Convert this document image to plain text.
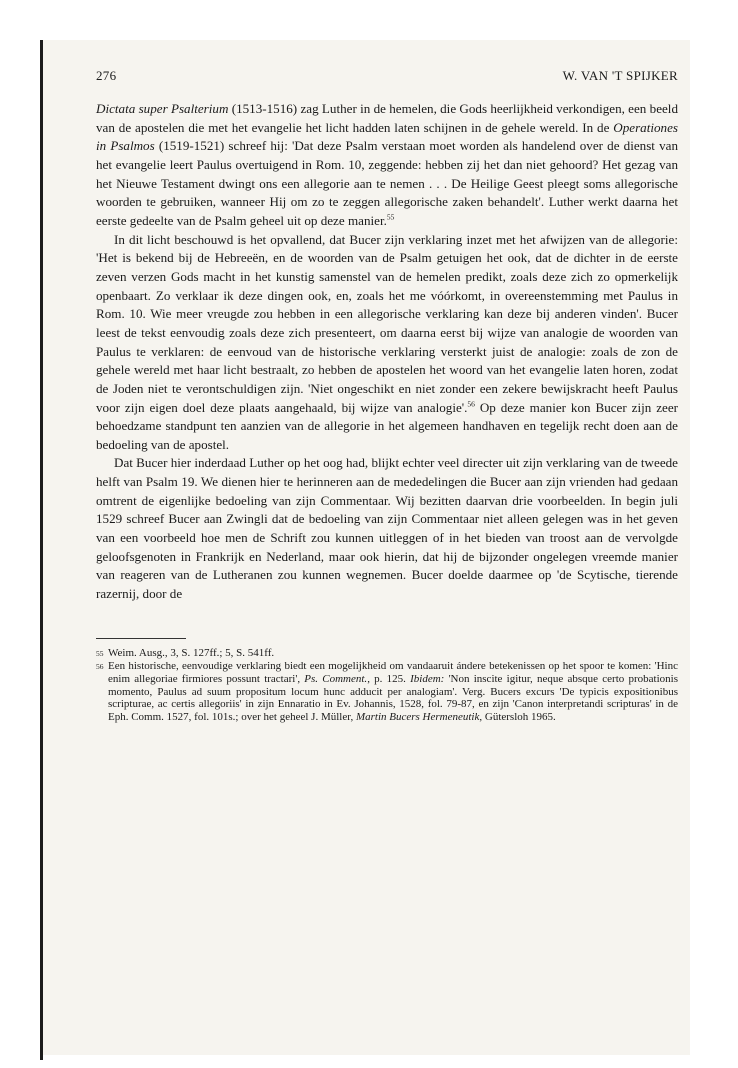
276	W. VAN 'T SPIJKER

Dictata super Psalterium (1513-1516) zag Luther in de hemelen, die Gods heerlijkheid verkondigen, een beeld van de apostelen die met het evangelie het licht hadden laten schijnen in de gehele wereld. In de Operationes in Psalmos (1519-1521) schreef hij: 'Dat deze Psalm verstaan moet worden als handelend over de dienst van het evangelie leert Paulus overtuigend in Rom. 10, zeggende: hebben zij het dan niet gehoord? Het gezag van het Nieuwe Testament dwingt ons een allegorie aan te nemen . . . De Heilige Geest pleegt soms allegorische woorden te gebruiken, wanneer Hij om zo te zeggen allegorische zaken behandelt'. Luther werkt daarna het eerste gedeelte van de Psalm geheel uit op deze manier.$^{55}$

In dit licht beschouwd is het opvallend, dat Bucer zijn verklaring inzet met het afwijzen van de allegorie: 'Het is bekend bij de Hebreeën, en de woorden van de Psalm getuigen het ook, dat de dichter in de eerste zeven verzen Gods macht in het kunstig samenstel van de hemelen predikt, zoals deze zich zo opmerkelijk openbaart. Zo verklaar ik deze dingen ook, en, zoals het me vóórkomt, in overeenstemming met Paulus in Rom. 10. Wie meer vreugde zou hebben in een allegorische verklaring kan deze bij anderen vinden'. Bucer leest de tekst eenvoudig zoals deze zich presenteert, om daarna eerst bij wijze van analogie de woorden van Paulus te verklaren: de eenvoud van de historische verklaring versterkt juist de analogie: zoals de zon de gehele wereld met haar licht bestraalt, zo hebben de apostelen het woord van het evangelie laten horen, zodat de Joden niet te verontschuldigen zijn. 'Niet ongeschikt en niet zonder een zekere bewijskracht heeft Paulus voor zijn eigen doel deze plaats aangehaald, bij wijze van analogie'.$^{56}$ Op deze manier kon Bucer zijn zeer behoedzame standpunt ten aanzien van de allegorie in het algemeen handhaven en tegelijk recht doen aan de bedoeling van de apostel.

Dat Bucer hier inderdaad Luther op het oog had, blijkt echter veel directer uit zijn verklaring van de tweede helft van Psalm 19. We dienen hier te herinneren aan de mededelingen die Bucer aan zijn vrienden had gedaan omtrent de eigenlijke bedoeling van zijn Commentaar. Wij bezitten daarvan drie voorbeelden. In begin juli 1529 schreef Bucer aan Zwingli dat de bedoeling van zijn Commentaar niet alleen gelegen was in het geven van een voorbeeld hoe men de Schrift zou kunnen uitleggen of in het bieden van troost aan de vervolgde geloofsgenoten in Frankrijk en Nederland, maar ook hierin, dat hij de bijzonder ongelegen vreemde manier van reageren van de Lutheranen zou kunnen wegnemen. Bucer doelde daarmee op 'de Scytische, tierende razernij, door de

55 Weim. Ausg., 3, S. 127ff.; 5, S. 541ff.
56 Een historische, eenvoudige verklaring biedt een mogelijkheid om vandaaruit ándere betekenissen op het spoor te komen: 'Hinc enim allegoriae firmiores possunt tractari', Ps. Comment., p. 125. Ibidem: 'Non inscite igitur, neque absque certo probationis momento, Paulus ad suum propositum locum hunc adducit per analogiam'. Verg. Bucers excurs 'De typicis expositionibus scripturae, ac certis allegoriis' in zijn Ennaratio in Ev. Johannis, 1528, fol. 79-87, en zijn 'Canon interpretandi scripturas' in de Eph. Comm. 1527, fol. 101s.; over het geheel J. Müller, Martin Bucers Hermeneutik, Gütersloh 1965.
